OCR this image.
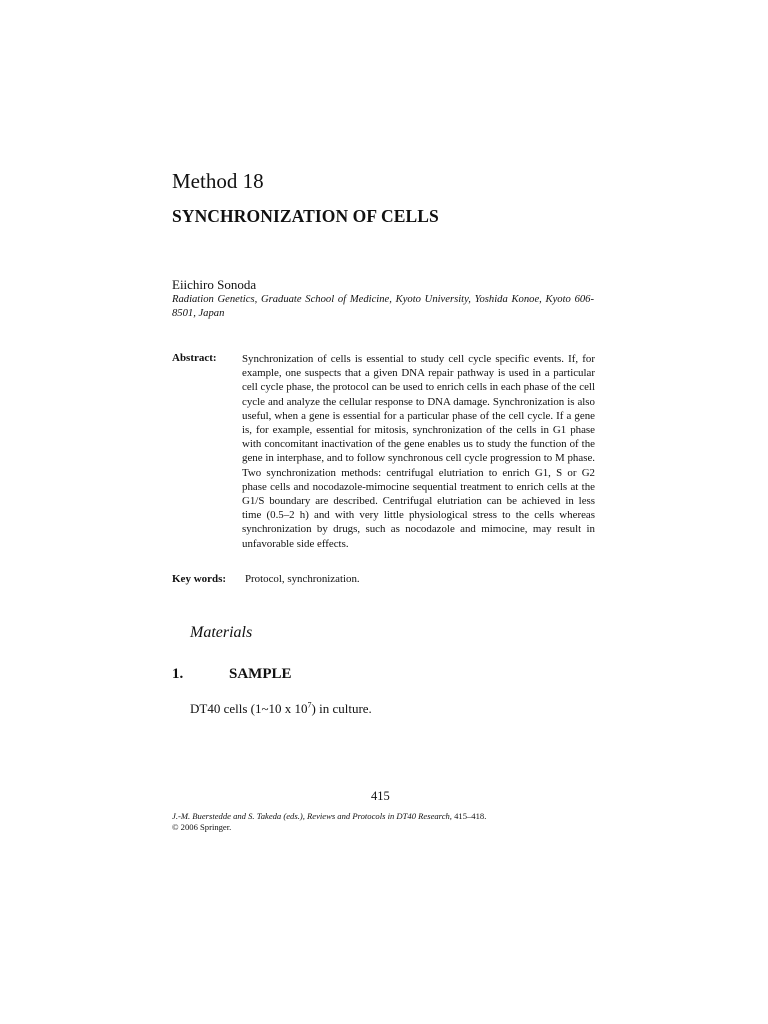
Method 18
SYNCHRONIZATION OF CELLS
Eiichiro Sonoda
Radiation Genetics, Graduate School of Medicine, Kyoto University, Yoshida Konoe, Kyoto 606-8501, Japan
Abstract: Synchronization of cells is essential to study cell cycle specific events. If, for example, one suspects that a given DNA repair pathway is used in a particular cell cycle phase, the protocol can be used to enrich cells in each phase of the cell cycle and analyze the cellular response to DNA damage. Synchronization is also useful, when a gene is essential for a particular phase of the cell cycle. If a gene is, for example, essential for mitosis, synchronization of the cells in G1 phase with concomitant inactivation of the gene enables us to study the function of the gene in interphase, and to follow synchronous cell cycle progression to M phase. Two synchronization methods: centrifugal elutriation to enrich G1, S or G2 phase cells and nocodazole-mimocine sequential treatment to enrich cells at the G1/S boundary are described. Centrifugal elutriation can be achieved in less time (0.5–2 h) and with very little physiological stress to the cells whereas synchronization by drugs, such as nocodazole and mimocine, may result in unfavorable side effects.
Key words: Protocol, synchronization.
Materials
1.	SAMPLE
DT40 cells (1~10 x $10^7$) in culture.
415
J.-M. Buerstedde and S. Takeda (eds.), Reviews and Protocols in DT40 Research, 415–418.
© 2006 Springer.
